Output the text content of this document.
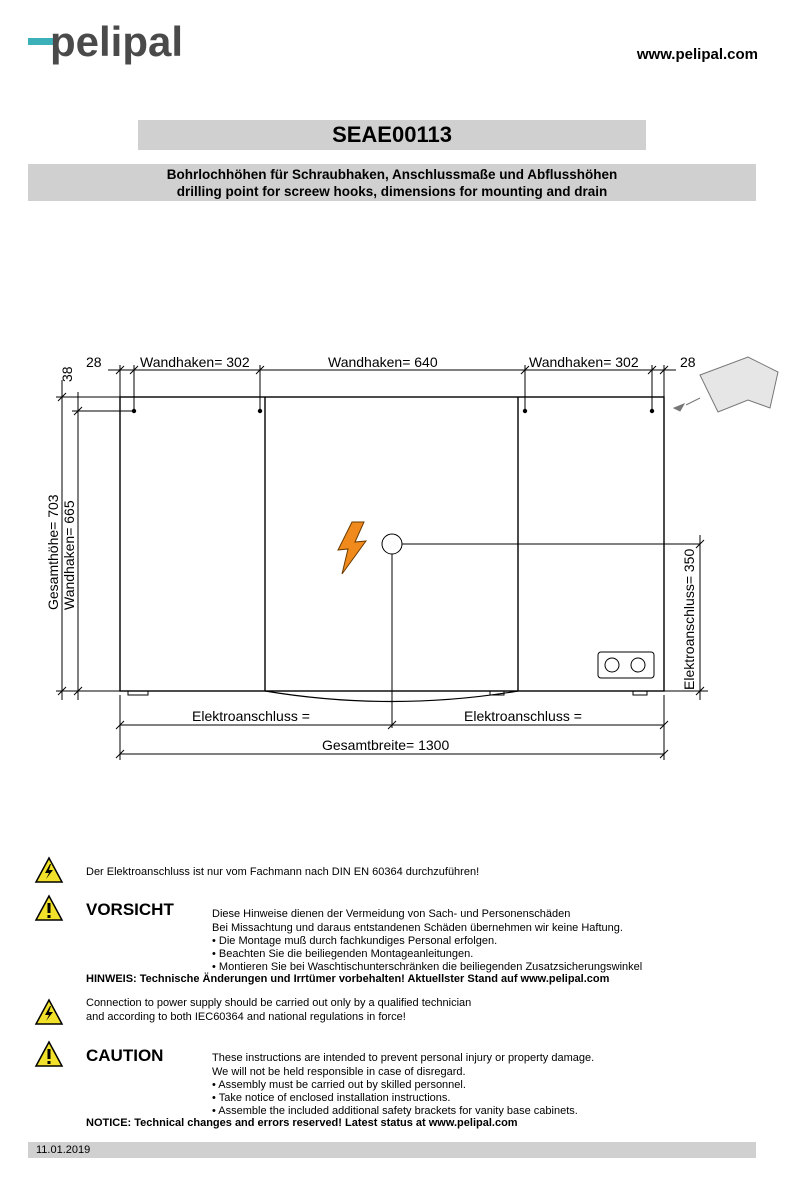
pelipal	www.pelipal.com
SEAE00113
Bohrlochhöhen für Schraubhaken, Anschlussmaße und Abflusshöhen
drilling point for screew hooks, dimensions for mounting and drain
28	Wandhaken= 302	Wandhaken= 640	Wandhaken= 302	28
38
Gesamthöhe= 703 Wandhaken= 665	Elektroanschluss= 350
Elektroanschluss =	Elektroanschluss =
Gesamtbreite= 1300
Der Elektroanschluss ist nur vom Fachmann nach DIN EN 60364 durchzuführen!
VORSICHT	Diese Hinweise dienen der Vermeidung von Sach- und Personenschäden
Bei Missachtung und daraus entstandenen Schäden übernehmen wir keine Haftung.
• Die Montage muß durch fachkundiges Personal erfolgen.
• Beachten Sie die beiliegenden Montageanleitungen.
• Montieren Sie bei Waschtischunterschränken die beiliegenden Zusatzsicherungswinkel
HINWEIS: Technische Änderungen und Irrtümer vorbehalten! Aktuellster Stand auf www.pelipal.com
Connection to power supply should be carried out only by a qualified technician
and according to both IEC60364 and national regulations in force!
CAUTION	These instructions are intended to prevent personal injury or property damage.
We will not be held responsible in case of disregard.
• Assembly must be carried out by skilled personnel.
• Take notice of enclosed installation instructions.
• Assemble the included additional safety brackets for vanity base cabinets.
NOTICE: Technical changes and errors reserved! Latest status at www.pelipal.com
11.01.2019
